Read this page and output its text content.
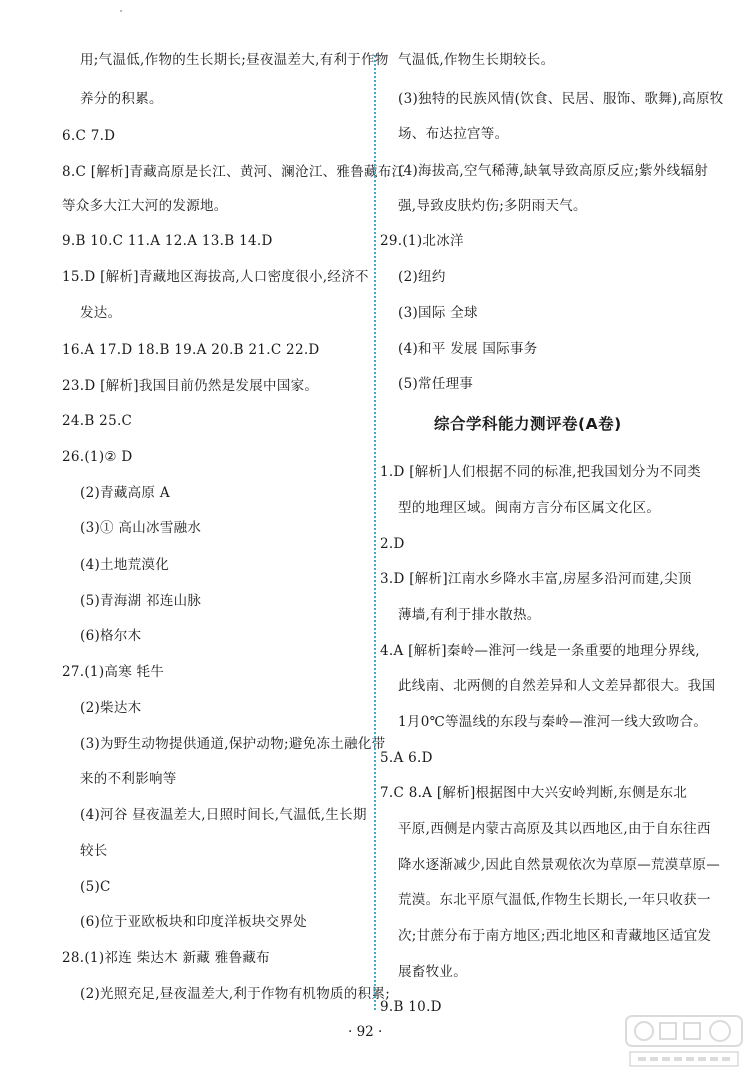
用;气温低,作物的生长期长;昼夜温差大,有利于作物
养分的积累。
6.C 7.D
8.C [解析]青藏高原是长江、黄河、澜沧江、雅鲁藏布江
等众多大江大河的发源地。
9.B 10.C 11.A 12.A 13.B 14.D
15.D [解析]青藏地区海拔高,人口密度很小,经济不
发达。
16.A 17.D 18.B 19.A 20.B 21.C 22.D
23.D [解析]我国目前仍然是发展中国家。
24.B 25.C
26.(1)② D
(2)青藏高原 A
(3)① 高山冰雪融水
(4)土地荒漠化
(5)青海湖 祁连山脉
(6)格尔木
27.(1)高寒 牦牛
(2)柴达木
(3)为野生动物提供通道,保护动物;避免冻土融化带
来的不利影响等
(4)河谷 昼夜温差大,日照时间长,气温低,生长期
较长
(5)C
(6)位于亚欧板块和印度洋板块交界处
28.(1)祁连 柴达木 新藏 雅鲁藏布
(2)光照充足,昼夜温差大,利于作物有机物质的积累;
气温低,作物生长期较长。
(3)独特的民族风情(饮食、民居、服饰、歌舞),高原牧
场、布达拉宫等。
(4)海拔高,空气稀薄,缺氧导致高原反应;紫外线辐射
强,导致皮肤灼伤;多阴雨天气。
29.(1)北冰洋
(2)纽约
(3)国际 全球
(4)和平 发展 国际事务
(5)常任理事
1.D [解析]人们根据不同的标准,把我国划分为不同类
型的地理区域。闽南方言分布区属文化区。
2.D
3.D [解析]江南水乡降水丰富,房屋多沿河而建,尖顶
薄墙,有利于排水散热。
4.A [解析]秦岭—淮河一线是一条重要的地理分界线,
此线南、北两侧的自然差异和人文差异都很大。我国
1月0℃等温线的东段与秦岭—淮河一线大致吻合。
5.A 6.D
7.C 8.A [解析]根据图中大兴安岭判断,东侧是东北
平原,西侧是内蒙古高原及其以西地区,由于自东往西
降水逐渐减少,因此自然景观依次为草原—荒漠草原—
荒漠。东北平原气温低,作物生长期长,一年只收获一
次;甘蔗分布于南方地区;西北地区和青藏地区适宜发
展畜牧业。
9.B 10.D
综合学科能力测评卷(A卷)
· 92 ·
